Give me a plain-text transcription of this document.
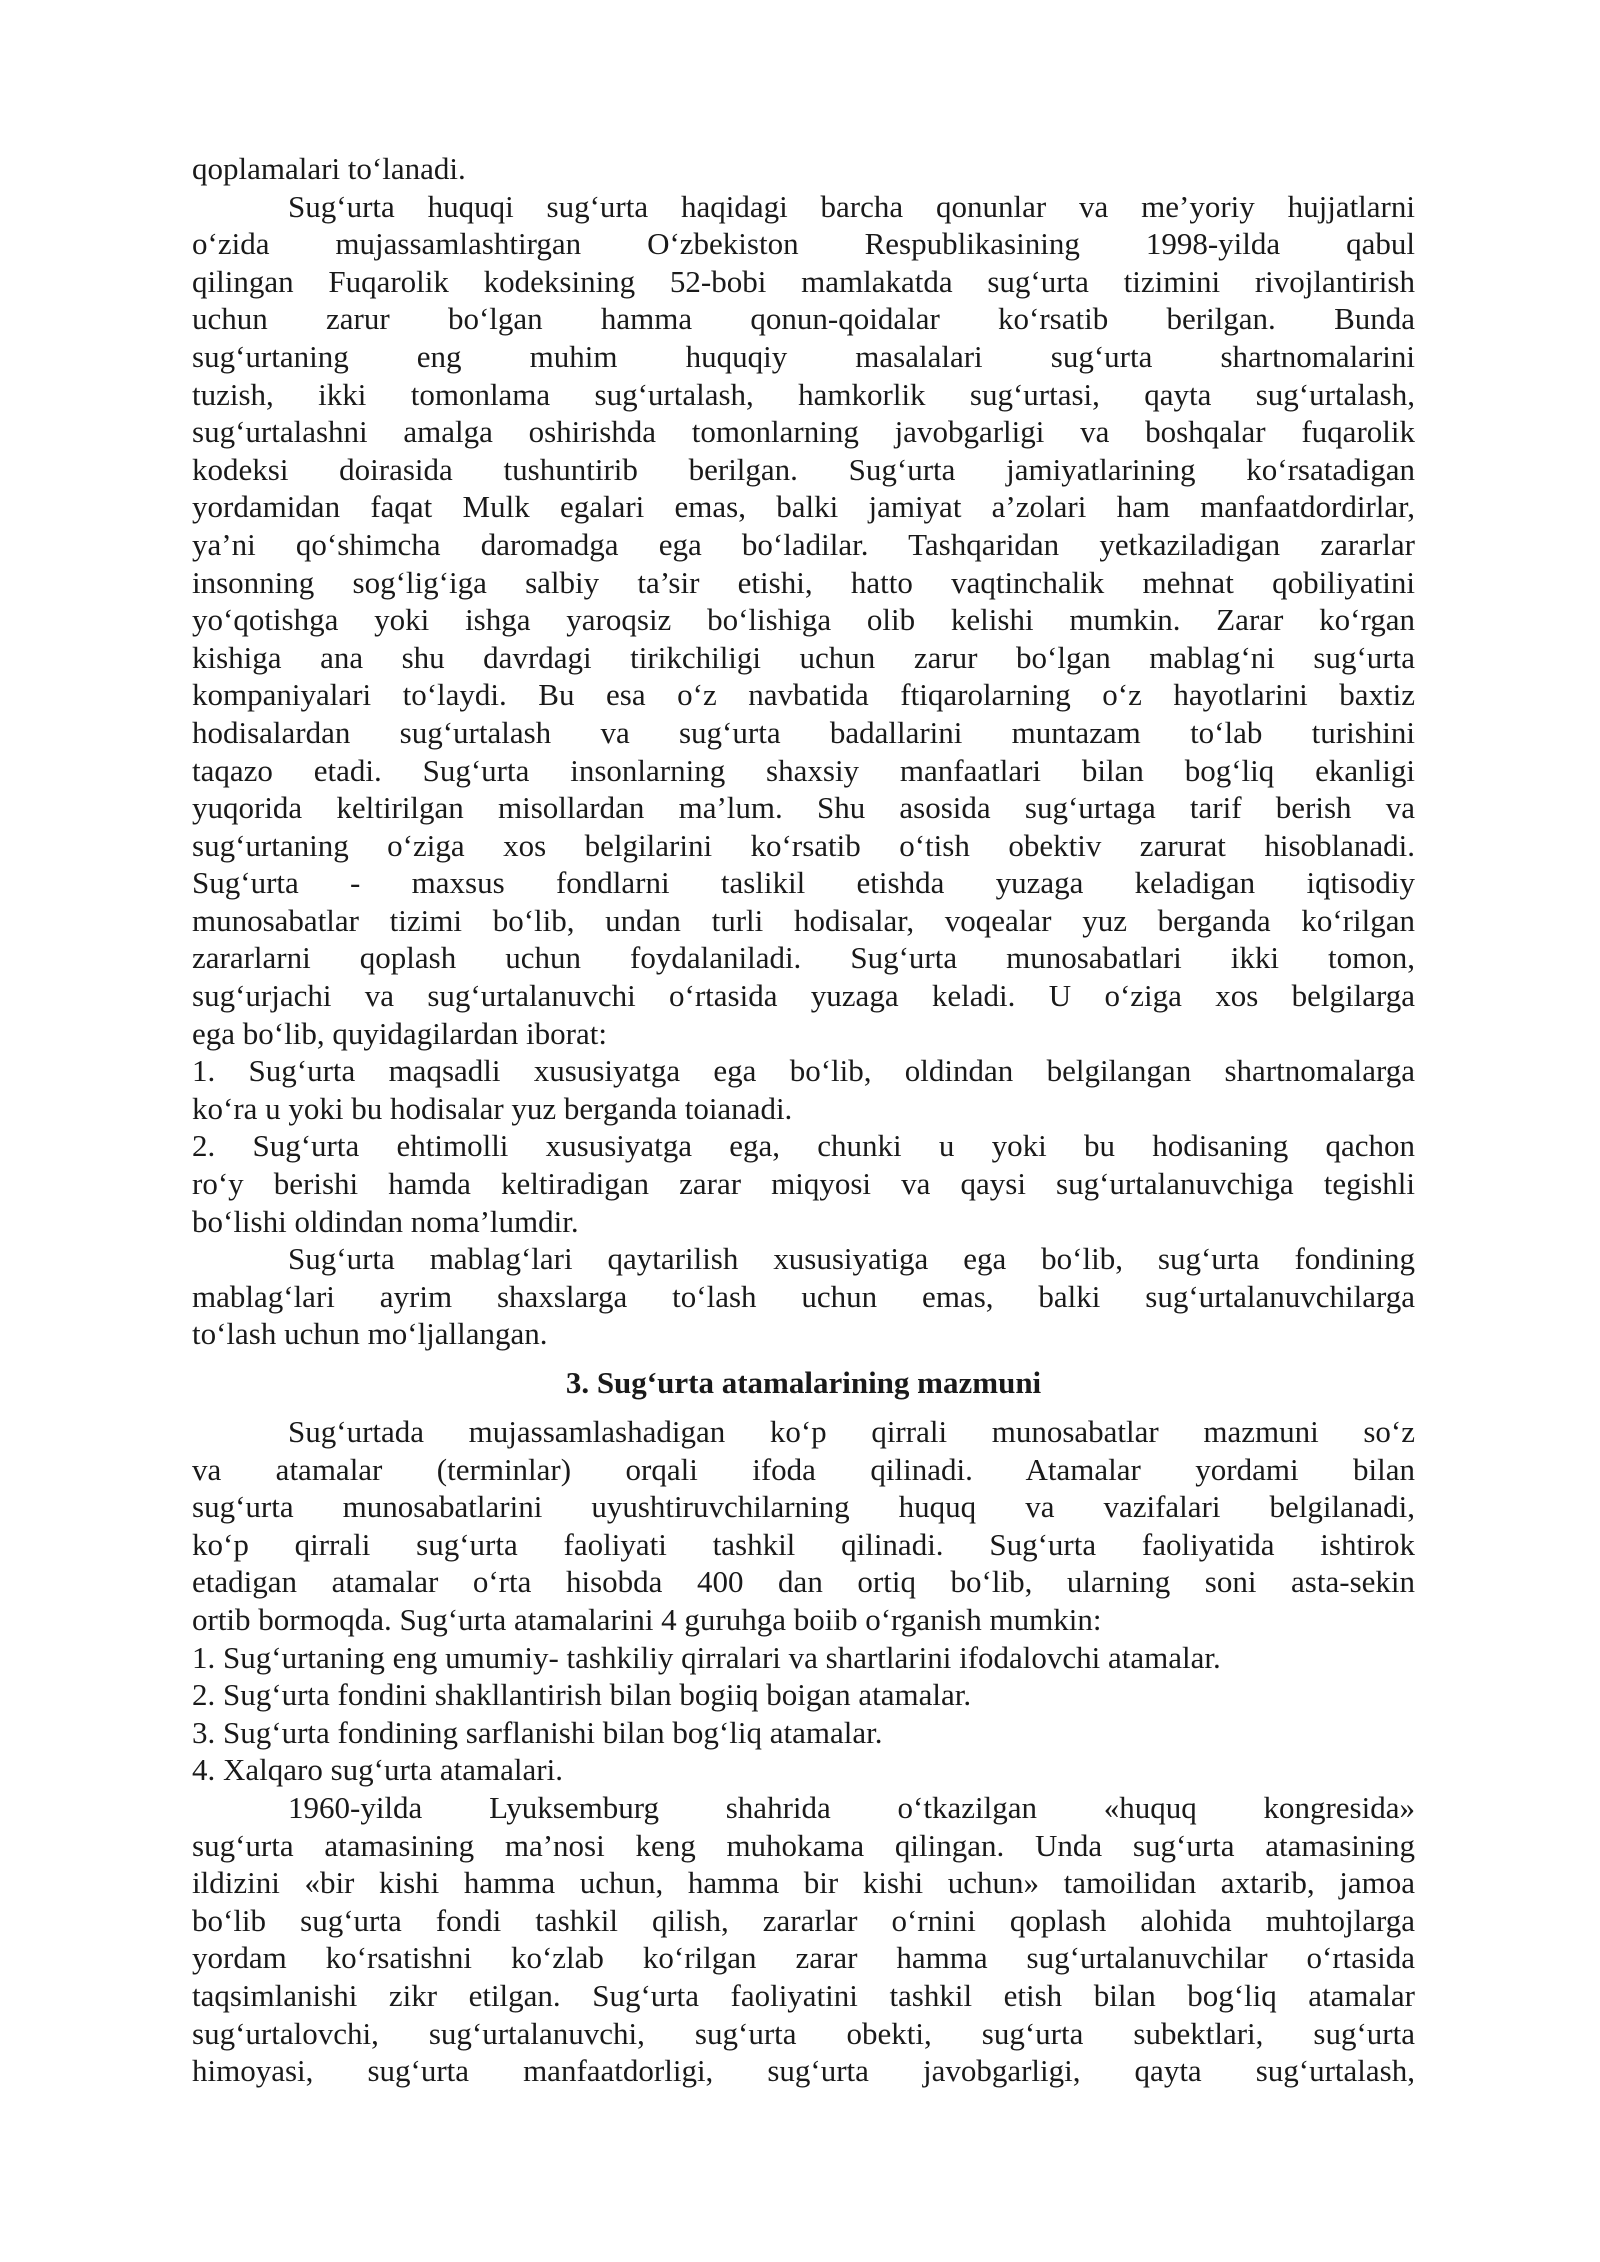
qoplamalari to‘lanadi.
Sug‘urta huquqi sug‘urta haqidagi barcha qonunlar va me’yoriy hujjatlarni
o‘zida mujassamlashtirgan O‘zbekiston Respublikasining 1998-yilda qabul
qilingan Fuqarolik kodeksining 52-bobi mamlakatda sug‘urta tizimini rivojlantirish
uchun zarur bo‘lgan hamma qonun-qoidalar ko‘rsatib berilgan. Bunda
sug‘urtaning eng muhim huquqiy masalalari sug‘urta shartnomalarini
tuzish, ikki tomonlama sug‘urtalash, hamkorlik sug‘urtasi, qayta sug‘urtalash,
sug‘urtalashni amalga oshirishda tomonlarning javobgarligi va boshqalar fuqarolik
kodeksi doirasida tushuntirib berilgan. Sug‘urta jamiyatlarining ko‘rsatadigan
yordamidan faqat Mulk egalari emas, balki jamiyat a’zolari ham manfaatdordirlar,
ya’ni qo‘shimcha daromadga ega bo‘ladilar. Tashqaridan yetkaziladigan zararlar
insonning sog‘lig‘iga salbiy ta’sir etishi, hatto vaqtinchalik mehnat qobiliyatini
yo‘qotishga yoki ishga yaroqsiz bo‘lishiga olib kelishi mumkin. Zarar ko‘rgan
kishiga ana shu davrdagi tirikchiligi uchun zarur bo‘lgan mablag‘ni sug‘urta
kompaniyalari to‘laydi. Bu esa o‘z navbatida ftiqarolarning o‘z hayotlarini baxtiz
hodisalardan sug‘urtalash va sug‘urta badallarini muntazam to‘lab turishini
taqazo etadi. Sug‘urta insonlarning shaxsiy manfaatlari bilan bog‘liq ekanligi
yuqorida keltirilgan misollardan ma’lum. Shu asosida sug‘urtaga tarif berish va
sug‘urtaning o‘ziga xos belgilarini ko‘rsatib o‘tish obektiv zarurat hisoblanadi.
Sug‘urta - maxsus fondlarni taslikil etishda yuzaga keladigan iqtisodiy
munosabatlar tizimi bo‘lib, undan turli hodisalar, voqealar yuz berganda ko‘rilgan
zararlarni qoplash uchun foydalaniladi. Sug‘urta munosabatlari ikki tomon,
sug‘urjachi va sug‘urtalanuvchi o‘rtasida yuzaga keladi. U o‘ziga xos belgilarga
ega bo‘lib, quyidagilardan iborat:
1. Sug‘urta maqsadli xususiyatga ega bo‘lib, oldindan belgilangan shartnomalarga
ko‘ra u yoki bu hodisalar yuz berganda toianadi.
2. Sug‘urta ehtimolli xususiyatga ega, chunki u yoki bu hodisaning qachon
ro‘y berishi hamda keltiradigan zarar miqyosi va qaysi sug‘urtalanuvchiga tegishli
bo‘lishi oldindan noma’lumdir.
Sug‘urta mablag‘lari qaytarilish xususiyatiga ega bo‘lib, sug‘urta fondining
mablag‘lari ayrim shaxslarga to‘lash uchun emas, balki sug‘urtalanuvchilarga
to‘lash uchun mo‘ljallangan.
3. Sug‘urta atamalarining mazmuni
Sug‘urtada mujassamlashadigan ko‘p qirrali munosabatlar mazmuni so‘z
va atamalar (terminlar) orqali ifoda qilinadi. Atamalar yordami bilan
sug‘urta munosabatlarini uyushtiruvchilarning huquq va vazifalari belgilanadi,
ko‘p qirrali sug‘urta faoliyati tashkil qilinadi. Sug‘urta faoliyatida ishtirok
etadigan atamalar o‘rta hisobda 400 dan ortiq bo‘lib, ularning soni asta-sekin
ortib bormoqda. Sug‘urta atamalarini 4 guruhga boiib o‘rganish mumkin:
1. Sug‘urtaning eng umumiy- tashkiliy qirralari va shartlarini ifodalovchi atamalar.
2. Sug‘urta fondini shakllantirish bilan bogiiq boigan atamalar.
3. Sug‘urta fondining sarflanishi bilan bog‘liq atamalar.
4. Xalqaro sug‘urta atamalari.
1960-yilda Lyuksemburg shahrida o‘tkazilgan «huquq kongresida»
sug‘urta atamasining ma’nosi keng muhokama qilingan. Unda sug‘urta atamasining
ildizini «bir kishi hamma uchun, hamma bir kishi uchun» tamoilidan axtarib, jamoa
bo‘lib sug‘urta fondi tashkil qilish, zararlar o‘rnini qoplash alohida muhtojlarga
yordam ko‘rsatishni ko‘zlab ko‘rilgan zarar hamma sug‘urtalanuvchilar o‘rtasida
taqsimlanishi zikr etilgan. Sug‘urta faoliyatini tashkil etish bilan bog‘liq atamalar
sug‘urtalovchi, sug‘urtalanuvchi, sug‘urta obekti, sug‘urta subektlari, sug‘urta
himoyasi, sug‘urta manfaatdorligi, sug‘urta javobgarligi, qayta sug‘urtalash,
